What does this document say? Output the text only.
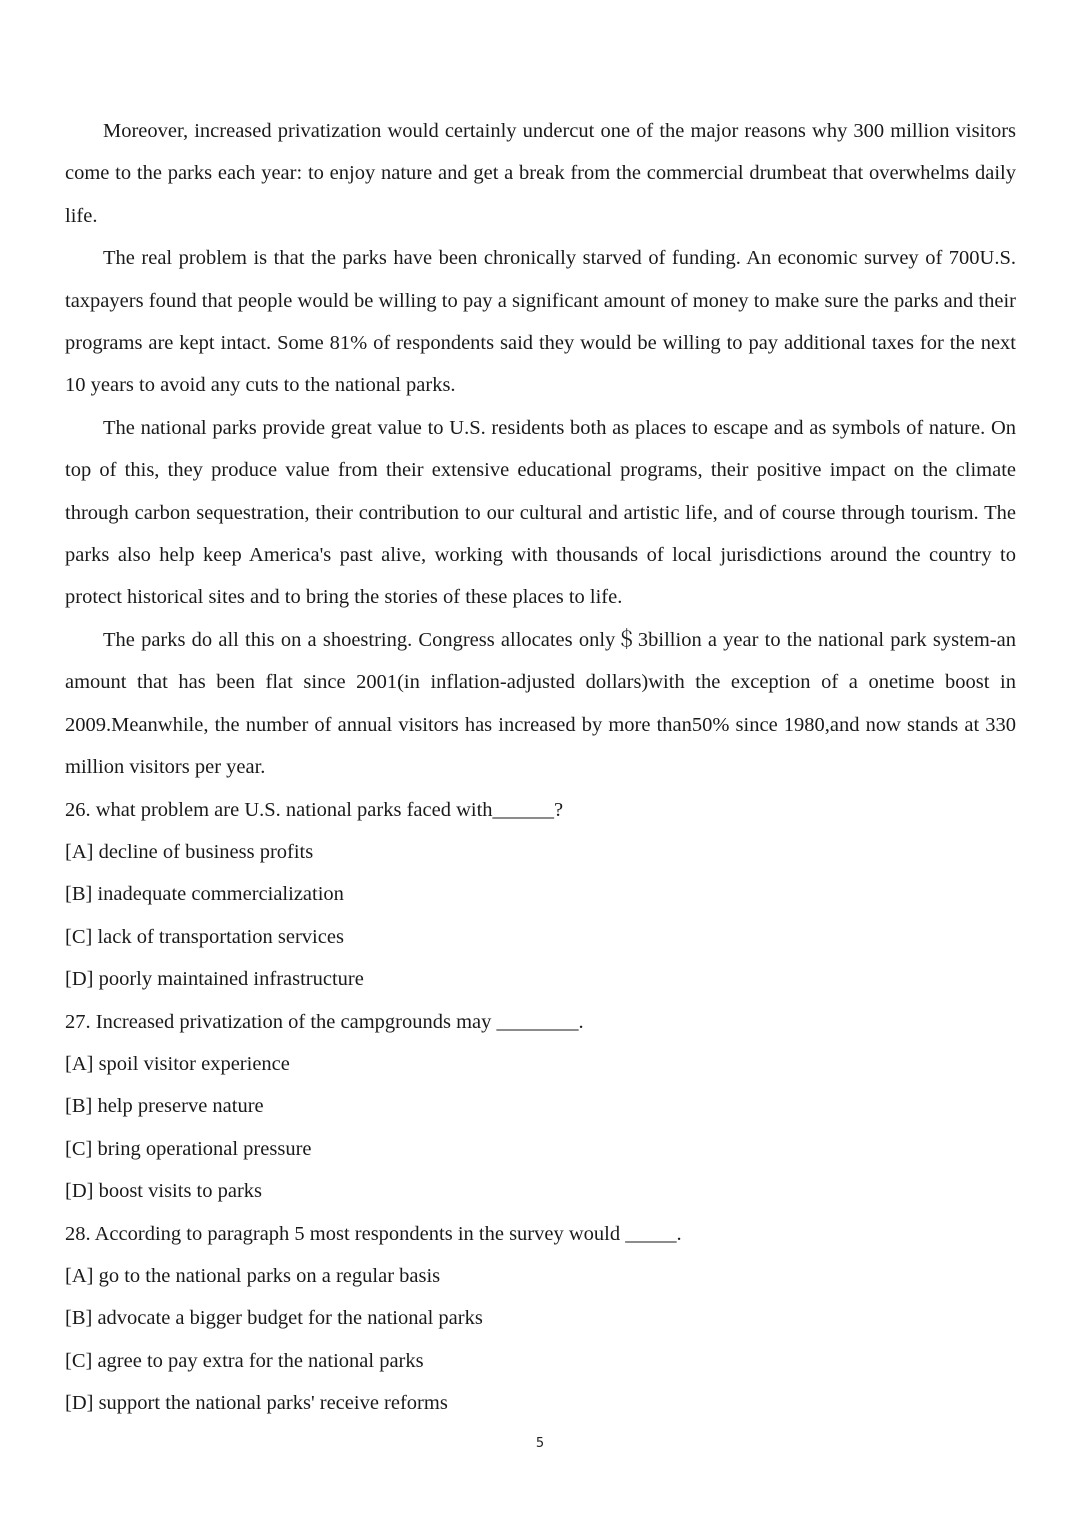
Moreover, increased privatization would certainly undercut one of the major reasons why 300 million visitors come to the parks each year: to enjoy nature and get a break from the commercial drumbeat that overwhelms daily life.

The real problem is that the parks have been chronically starved of funding. An economic survey of 700U.S. taxpayers found that people would be willing to pay a significant amount of money to make sure the parks and their programs are kept intact. Some 81% of respondents said they would be willing to pay additional taxes for the next 10 years to avoid any cuts to the national parks.

The national parks provide great value to U.S. residents both as places to escape and as symbols of nature. On top of this, they produce value from their extensive educational programs, their positive impact on the climate through carbon sequestration, their contribution to our cultural and artistic life, and of course through tourism. The parks also help keep America's past alive, working with thousands of local jurisdictions around the country to protect historical sites and to bring the stories of these places to life.

The parks do all this on a shoestring. Congress allocates only＄3billion a year to the national park system-an amount that has been flat since 2001(in inflation-adjusted dollars)with the exception of a onetime boost in 2009.Meanwhile, the number of annual visitors has increased by more than50% since 1980,and now stands at 330 million visitors per year.

26. what problem are U.S. national parks faced with______?

[A] decline of business profits

[B] inadequate commercialization

[C] lack of transportation services

[D] poorly maintained infrastructure

27. Increased privatization of the campgrounds may ________.

[A] spoil visitor experience

[B] help preserve nature

[C] bring operational pressure

[D] boost visits to parks

28. According to paragraph 5 most respondents in the survey would _____.

[A] go to the national parks on a regular basis

[B] advocate a bigger budget for the national parks

[C] agree to pay extra for the national parks

[D] support the national parks' receive reforms

5
